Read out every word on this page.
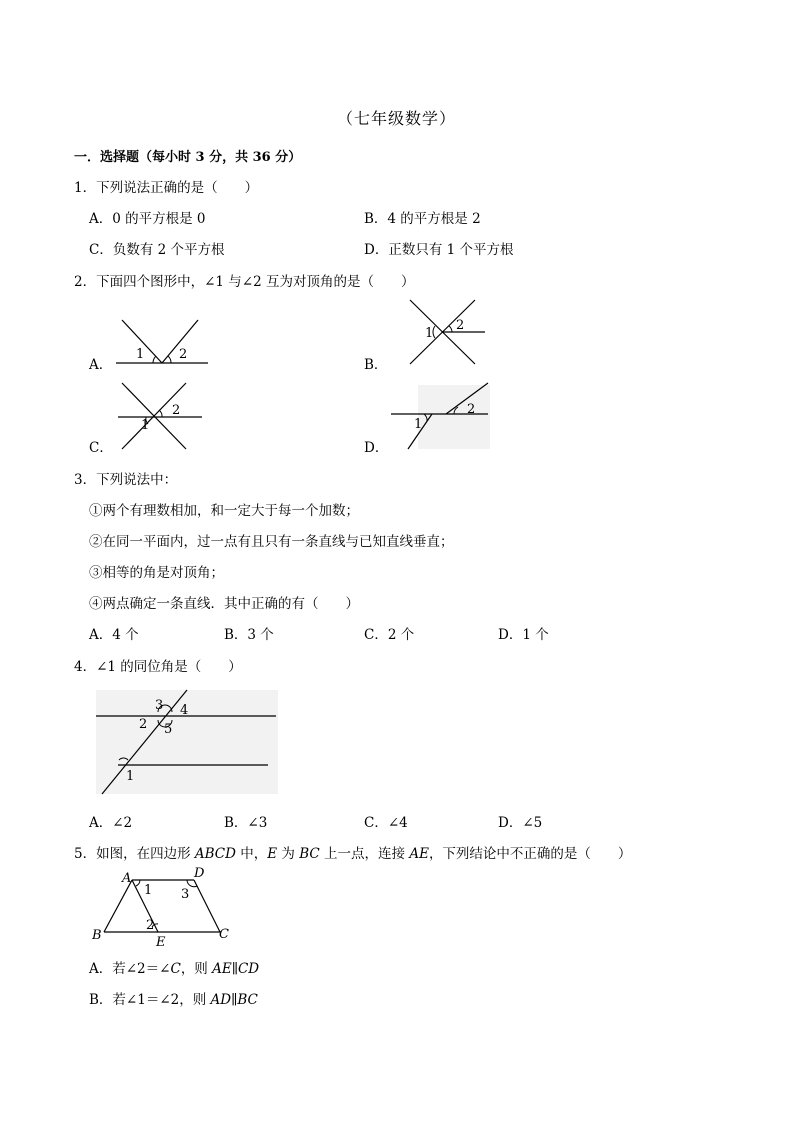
（七年级数学）
一．选择题（每小时 3 分，共 36 分）
1．下列说法正确的是（　　）
A．0 的平方根是 0	B．4 的平方根是 2
C．负数有 2 个平方根	D．正数只有 1 个平方根
2．下面四个图形中，∠1 与∠2 互为对顶角的是（　　）
A．
1	2
B．
1
2
C．
1
2
D．
1
2
3．下列说法中：
①两个有理数相加，和一定大于每一个加数；
②在同一平面内，过一点有且只有一条直线与已知直线垂直；
③相等的角是对顶角；
④两点确定一条直线．其中正确的有（　　）
A．4 个	B．3 个	C．2 个	D．1 个
4．∠1 的同位角是（　　）
3 4
2 5
1
A．∠2	B．∠3	C．∠4	D．∠5
5．如图，在四边形 ABCD 中，E 为 BC 上一点，连接 AE，下列结论中不正确的是（　　）
A
B	C
D
E
1
2
3
A．若∠2＝∠C，则 AE∥CD
B．若∠1＝∠2，则 AD∥BC
